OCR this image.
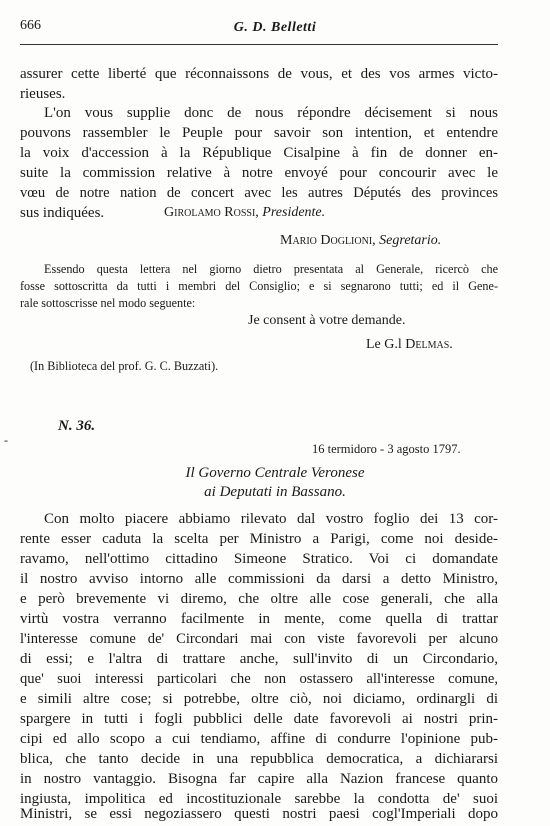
666	G. D. Belletti
assurer cette liberté que réconnaissons de vous, et des vos armes victo-
rieuses.
L'on vous supplie donc de nous répondre décisement si nous
pouvons rassembler le Peuple pour savoir son intention, et entendre
la voix d'accession à la République Cisalpine à fin de donner en-
suite la commission relative à notre envoyé pour concourir avec le
vœu de notre nation de concert avec les autres Députés des provinces
sus indiquées.	Girolamo Rossi, Presidente.
Mario Doglioni, Segretario.
Essendo questa lettera nel giorno dietro presentata al Generale, ricercò che
fosse sottoscritta da tutti i membri del Consiglio; e si segnarono tutti; ed il Gene-
rale sottoscrisse nel modo seguente:
Je consent à votre demande.
Le G.l Delmas.
(In Biblioteca del prof. G. C. Buzzati).
-
N. 36.
16 termidoro - 3 agosto 1797.
Il Governo Centrale Veronese
ai Deputati in Bassano.
Con molto piacere abbiamo rilevato dal vostro foglio dei 13 cor-
rente esser caduta la scelta per Ministro a Parigi, come noi deside-
ravamo, nell'ottimo cittadino Simeone Stratico. Voi ci domandate
il nostro avviso intorno alle commissioni da darsi a detto Ministro,
e però brevemente vi diremo, che oltre alle cose generali, che alla
virtù vostra verranno facilmente in mente, come quella di trattar
l'interesse comune de' Circondari mai con viste favorevoli per alcuno
di essi; e l'altra di trattare anche, sull'invito di un Circondario,
que' suoi interessi particolari che non ostassero all'interesse comune,
e simili altre cose; si potrebbe, oltre ciò, noi diciamo, ordinargli di
spargere in tutti i fogli pubblici delle date favorevoli ai nostri prin-
cipi ed allo scopo a cui tendiamo, affine di condurre l'opinione pub-
blica, che tanto decide in una repubblica democratica, a dichiararsi
in nostro vantaggio. Bisogna far capire alla Nazion francese quanto
ingiusta, impolitica ed incostituzionale sarebbe la condotta de' suoi
Ministri, se essi negoziassero questi nostri paesi cogl'Imperiali dopo
